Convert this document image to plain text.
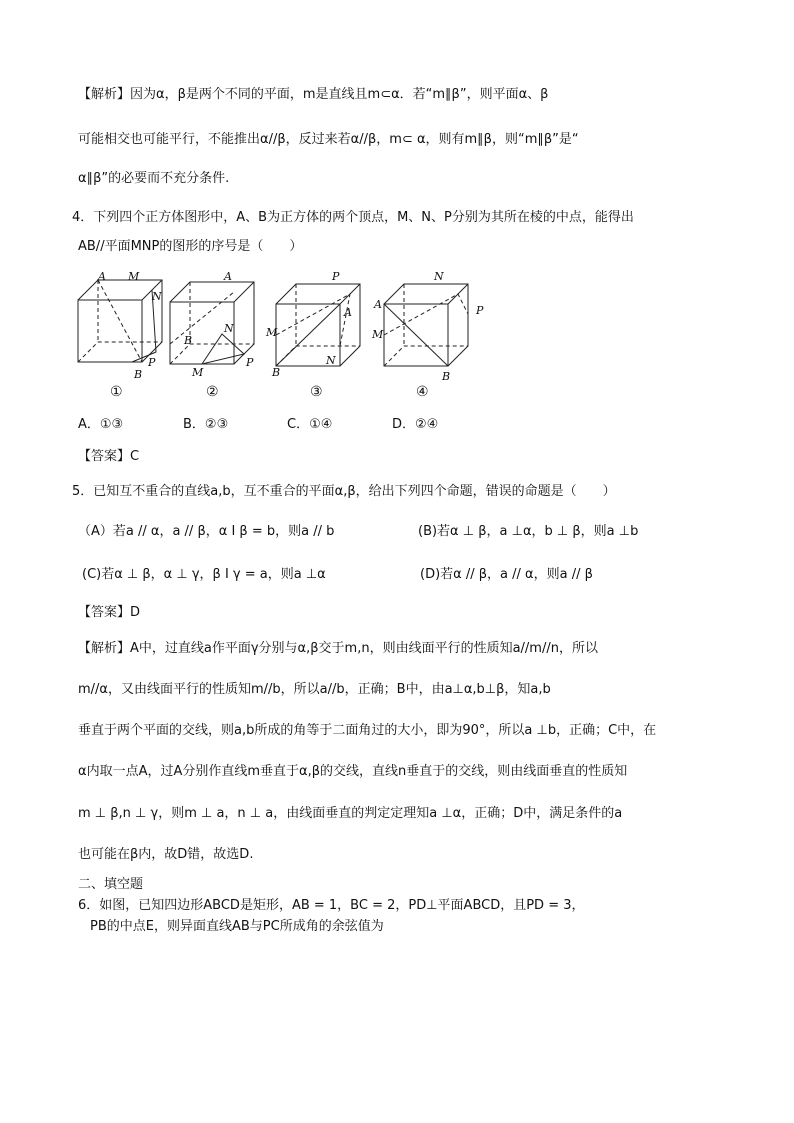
【解析】因为α，β是两个不同的平面，m是直线且m⊂α．若“m∥β”，则平面α、β
可能相交也可能平行，不能推出α//β，反过来若α//β，m⊂ α，则有m∥β，则“m∥β”是“
α∥β”的必要而不充分条件.
4．下列四个正方体图形中，A、B为正方体的两个顶点，M、N、P分别为其所在棱的中点，能得出
AB//平面MNP的图形的序号是（　　）
A M
N
P
B
A
B
N
M
P
P
A
M
B
N
N
A
M
P
B
①	②	③	④
A．①③	B．②③	C．①④	D．②④
【答案】C
5．已知互不重合的直线a,b，互不重合的平面α,β，给出下列四个命题，错误的命题是（　　）
（A）若a // α，a // β，α I β = b，则a // b	(B)若α ⊥ β，a ⊥α，b ⊥ β，则a ⊥b
(C)若α ⊥ β，α ⊥ γ，β I γ = a，则a ⊥α	(D)若α // β，a // α，则a // β
【答案】D
【解析】A中，过直线a作平面γ分别与α,β交于m,n，则由线面平行的性质知a//m//n，所以
m//α，又由线面平行的性质知m//b，所以a//b，正确；B中，由a⊥α,b⊥β，知a,b
垂直于两个平面的交线，则a,b所成的角等于二面角过的大小，即为90°，所以a ⊥b，正确；C中，在
α内取一点A，过A分别作直线m垂直于α,β的交线，直线n垂直于的交线，则由线面垂直的性质知
m ⊥ β,n ⊥ γ，则m ⊥ a，n ⊥ a，由线面垂直的判定定理知a ⊥α，正确；D中，满足条件的a
也可能在β内，故D错，故选D.
二、填空题
6．如图，已知四边形ABCD是矩形，AB = 1，BC = 2，PD⊥平面ABCD，且PD = 3，
PB的中点E，则异面直线AB与PC所成角的余弦值为
